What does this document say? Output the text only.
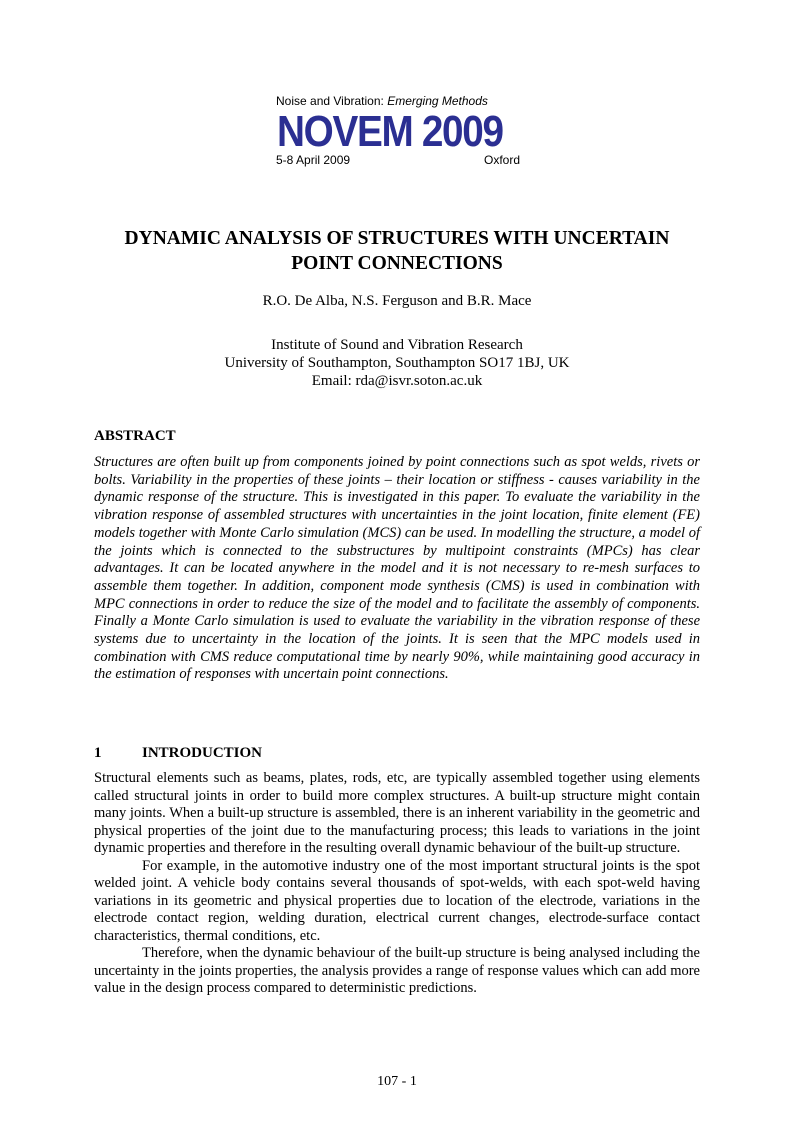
Noise and Vibration: Emerging Methods
NOVEM 2009
5-8 April 2009	Oxford
DYNAMIC ANALYSIS OF STRUCTURES WITH UNCERTAIN
POINT CONNECTIONS
R.O. De Alba, N.S. Ferguson and B.R. Mace
Institute of Sound and Vibration Research
University of Southampton, Southampton SO17 1BJ, UK
Email: rda@isvr.soton.ac.uk
ABSTRACT
Structures are often built up from components joined by point connections such as spot welds, rivets or bolts. Variability in the properties of these joints – their location or stiffness - causes variability in the dynamic response of the structure. This is investigated in this paper. To evaluate the variability in the vibration response of assembled structures with uncertainties in the joint location, finite element (FE) models together with Monte Carlo simulation (MCS) can be used. In modelling the structure, a model of the joints which is connected to the substructures by multipoint constraints (MPCs) has clear advantages. It can be located anywhere in the model and it is not necessary to re-mesh surfaces to assemble them together. In addition, component mode synthesis (CMS) is used in combination with MPC connections in order to reduce the size of the model and to facilitate the assembly of components. Finally a Monte Carlo simulation is used to evaluate the variability in the vibration response of these systems due to uncertainty in the location of the joints. It is seen that the MPC models used in combination with CMS reduce computational time by nearly 90%, while maintaining good accuracy in the estimation of responses with uncertain point connections.
1	INTRODUCTION

Structural elements such as beams, plates, rods, etc, are typically assembled together using elements called structural joints in order to build more complex structures. A built-up structure might contain many joints. When a built-up structure is assembled, there is an inherent variability in the geometric and physical properties of the joint due to the manufacturing process; this leads to variations in the joint dynamic properties and therefore in the resulting overall dynamic behaviour of the built-up structure.

For example, in the automotive industry one of the most important structural joints is the spot welded joint. A vehicle body contains several thousands of spot-welds, with each spot-weld having variations in its geometric and physical properties due to location of the electrode, variations in the electrode contact region, welding duration, electrical current changes, electrode-surface contact characteristics, thermal conditions, etc.

Therefore, when the dynamic behaviour of the built-up structure is being analysed including the uncertainty in the joints properties, the analysis provides a range of response values which can add more value in the design process compared to deterministic predictions.

107 - 1
